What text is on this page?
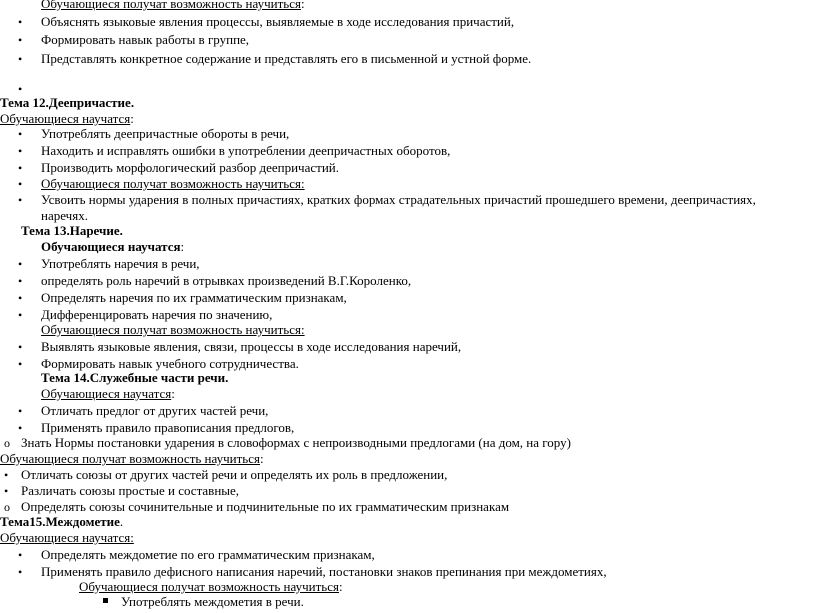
Обучающиеся получат возможность научиться:
• Объяснять языковые явления процессы, выявляемые в ходе исследования причастий,
• Формировать навык работы в группе,
• Представлять конкретное содержание и представлять его в письменной и устной форме.
•
Тема 12.Деепричастие.
Обучающиеся научатся:
• Употреблять деепричастные обороты в речи,
• Находить и исправлять ошибки в употреблении деепричастных оборотов,
• Производить морфологический разбор деепричастий.
• Обучающиеся получат возможность научиться:
• Усвоить нормы ударения в полных причастиях, кратких формах страдательных причастий прошедшего времени, деепричастиях,
наречях.
Тема 13.Наречие.
Обучающиеся научатся:
• Употреблять наречия в речи,
• определять роль наречий в отрывках произведений В.Г.Короленко,
• Определять наречия по их грамматическим признакам,
• Дифференцировать наречия по значению,
Обучающиеся получат возможность научиться:
• Выявлять языковые явления, связи, процессы в ходе исследования наречий,
• Формировать навык учебного сотрудничества.
Тема 14.Служебные части речи.
Обучающиеся научатся:
• Отличать предлог от других частей речи,
• Применять правило правописания предлогов,
o Знать Нормы постановки ударения в словоформах с непроизводными предлогами (на дом, на гору)
Обучающиеся получат возможность научиться:
• Отличать союзы от других частей речи и определять их роль в предложении,
• Различать союзы простые и составные,
o Определять союзы сочинительные и подчинительные по их грамматическим признакам
Тема15.Междометие.
Обучающиеся научатся:
• Определять междометие по его грамматическим признакам,
• Применять правило дефисного написания наречий, постановки знаков препинания при междометиях,
Обучающиеся получат возможность научиться:
Употреблять междометия в речи.
